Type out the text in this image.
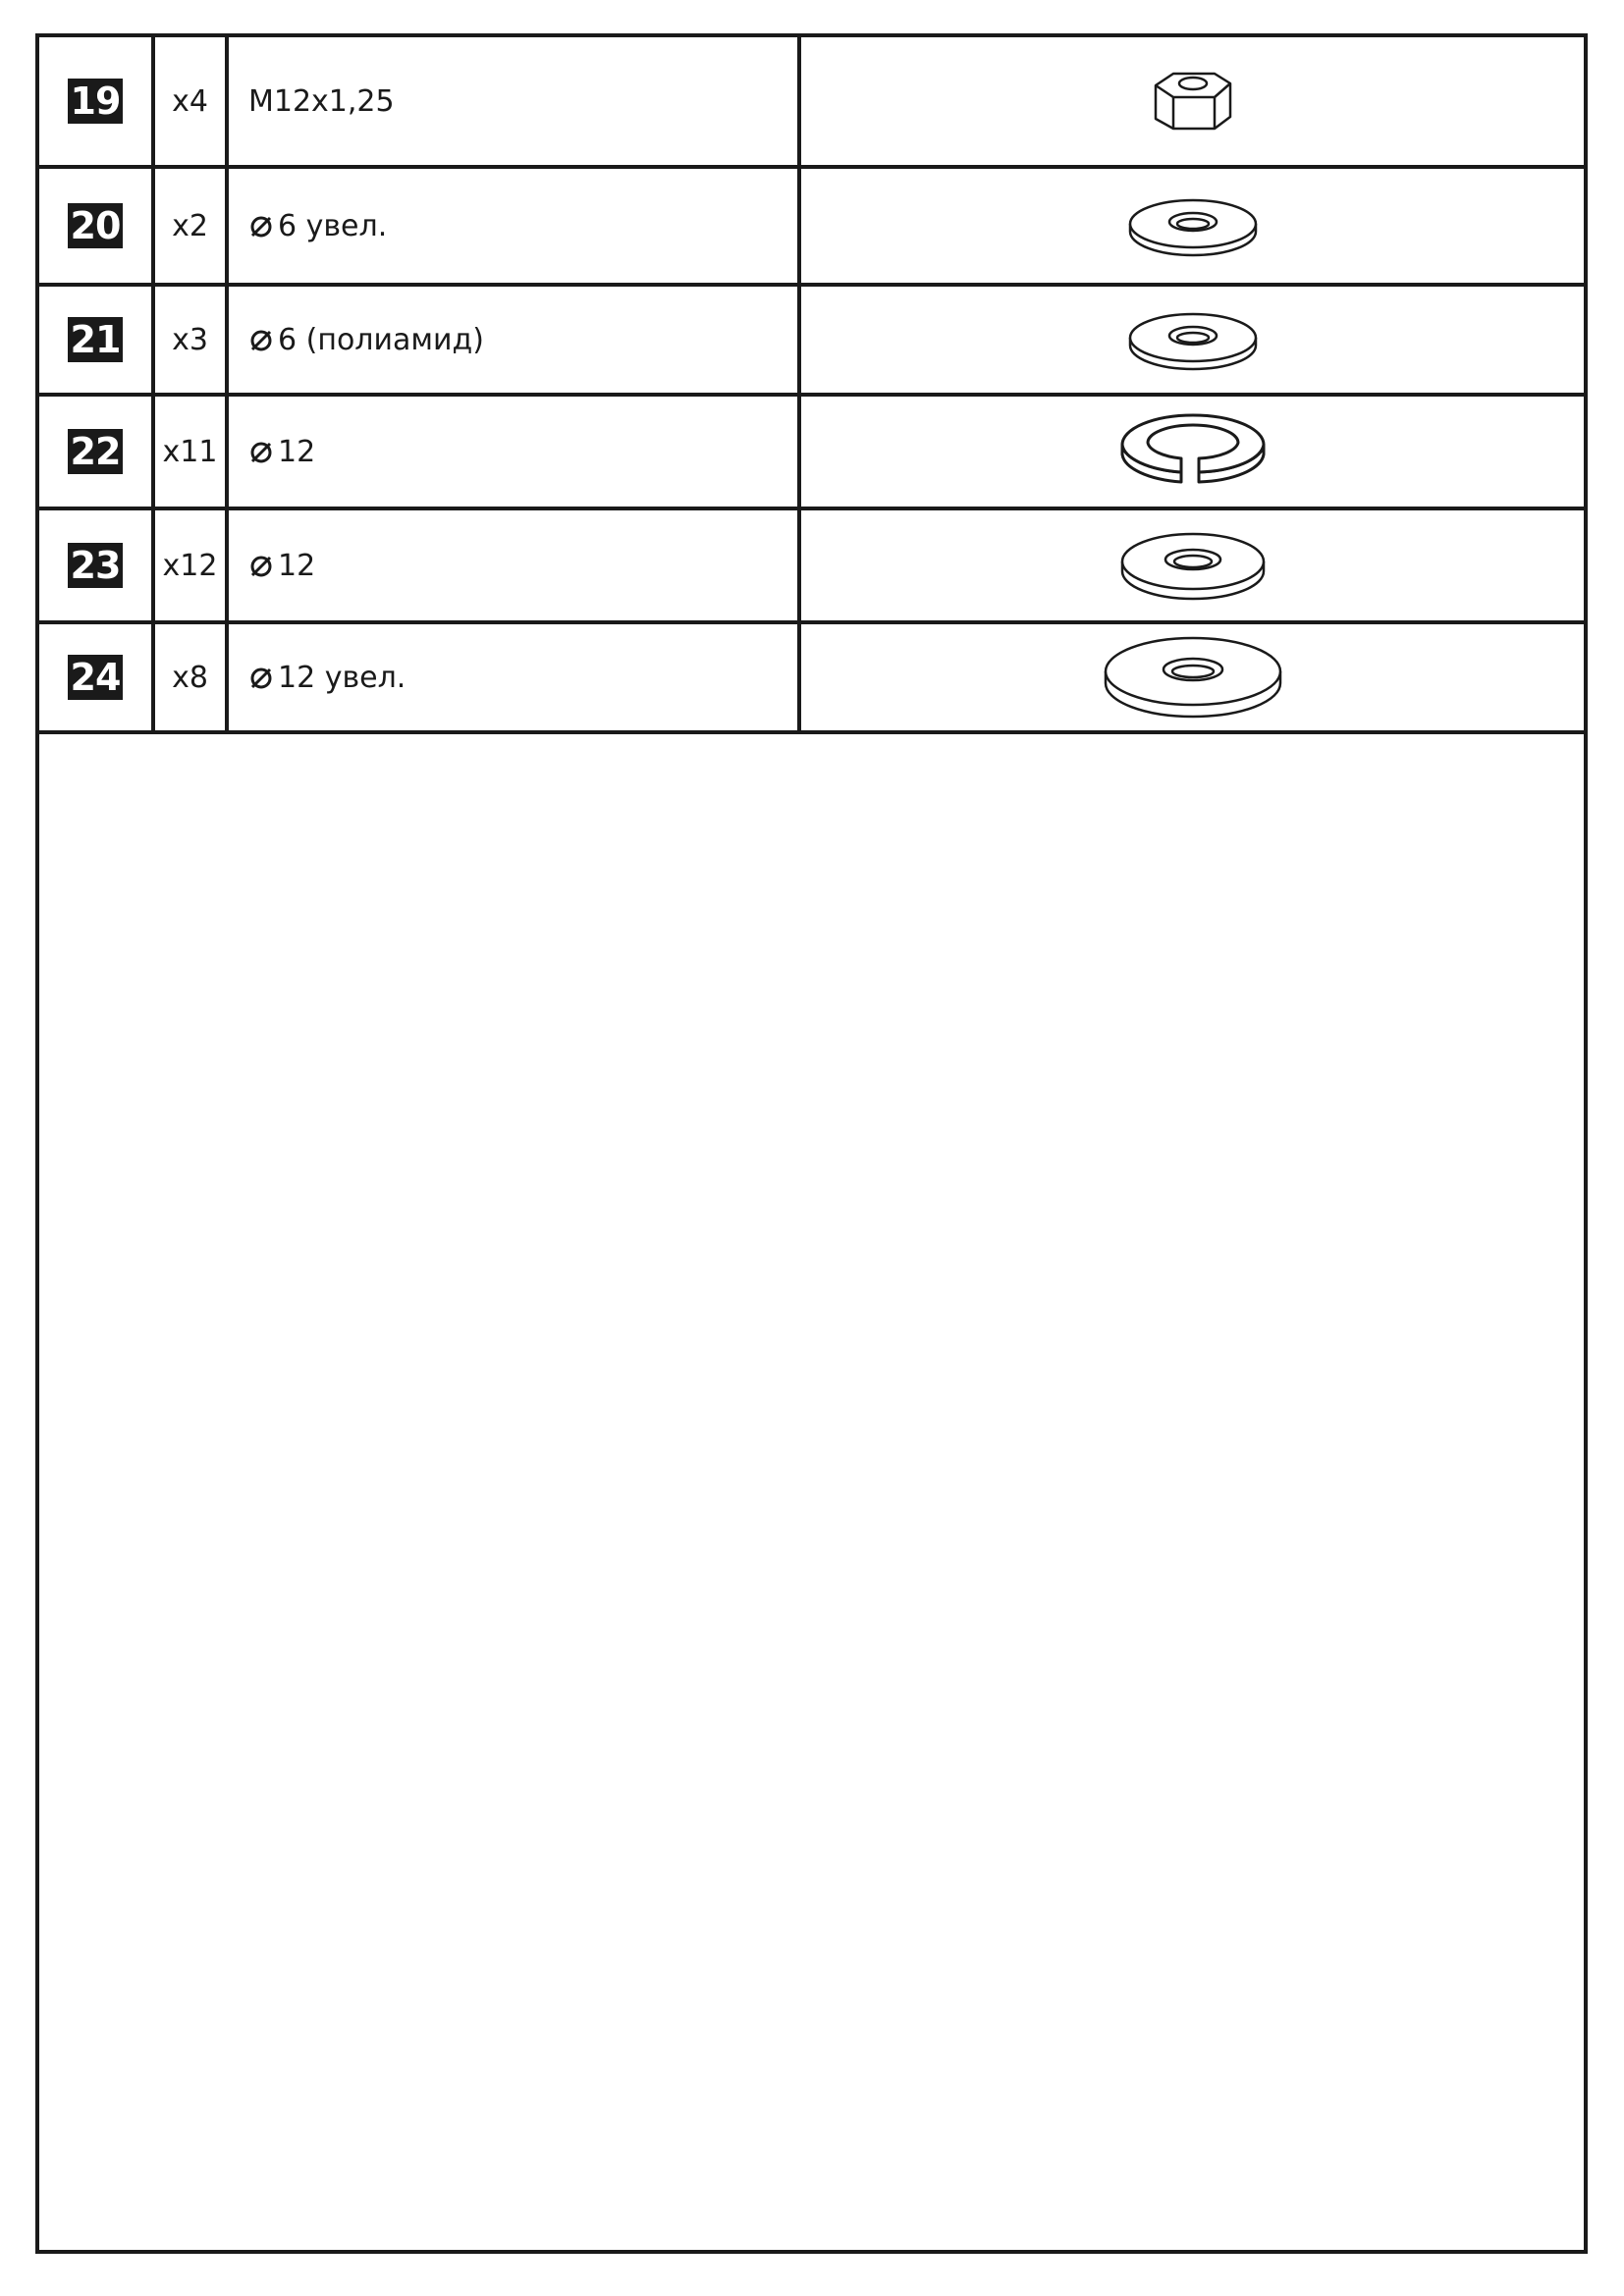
19	x4	M12x1,25
20	x2	6 увел.
21	x3	6 (полиамид)
22 x11 12
23 x12 12
24	x8	12 увел.
